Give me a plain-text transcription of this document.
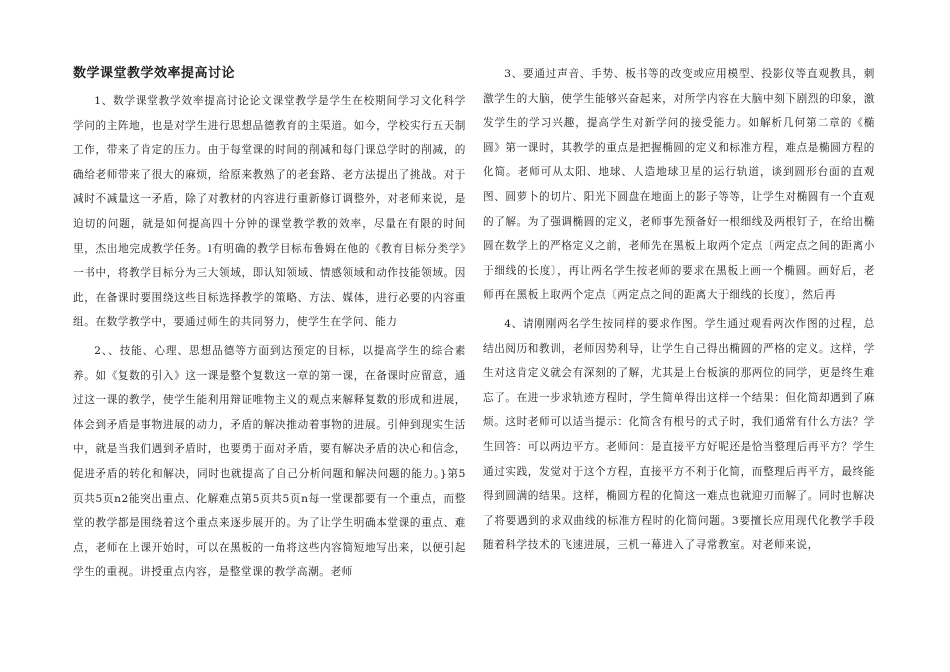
数学课堂教学效率提高讨论

1、数学课堂教学效率提高讨论论文课堂教学是学生在校期间学习文化科学学问的主阵地，也是对学生进行思想品德教育的主渠道。如今，学校实行五天制工作，带来了肯定的压力。由于每堂课的时间的削减和每门课总学时的削减，的确给老师带来了很大的麻烦，给原来教熟了的老套路、老方法提出了挑战。对于减时不减量这一矛盾，除了对教材的内容进行重新修订调整外，对老师来说，是迫切的问题，就是如何提高四十分钟的课堂教学教的效率，尽量在有限的时间里，杰出地完成教学任务。l有明确的教学目标布鲁姆在他的《教育目标分类学》一书中，将教学目标分为三大领域，即认知领域、情感领域和动作技能领域。因此，在备课时要围绕这些目标选择教学的策略、方法、媒体，进行必要的内容重组。在数学教学中，要通过师生的共同努力，使学生在学问、能力

2、、技能、心理、思想品德等方面到达预定的目标，以提高学生的综合素养。如《复数的引入》这一课是整个复数这一章的第一课，在备课时应留意，通过这一课的教学，使学生能利用辩证唯物主义的观点来解释复数的形成和进展，体会到矛盾是事物进展的动力，矛盾的解决推动着事物的进展。引伸到现实生活中，就是当我们遇到矛盾时，也要勇于面对矛盾，要有解决矛盾的决心和信念，促进矛盾的转化和解决，同时也就提高了自己分析问题和解决问题的能力。}第5页共5页n2能突出重点、化解难点第5页共5页n每一堂课都要有一个重点，而整堂的教学都是围绕着这个重点来逐步展开的。为了让学生明确本堂课的重点、难点，老师在上课开始时，可以在黑板的一角将这些内容简短地写出来，以便引起学生的重视。讲授重点内容，是整堂课的教学高潮。老师

3、要通过声音、手势、板书等的改变或应用模型、投影仪等直观教具，刺激学生的大脑，使学生能够兴奋起来，对所学内容在大脑中刻下剧烈的印象，激发学生的学习兴趣，提高学生对新学问的接受能力。如解析几何第二章的《椭圆》第一课时，其教学的重点是把握椭圆的定义和标准方程，难点是椭圆方程的化简。老师可从太阳、地球、人造地球卫星的运行轨道，谈到圆形台面的直观图、圆萝卜的切片、阳光下圆盘在地面上的影子等等，让学生对椭圆有一个直观的了解。为了强调椭圆的定义，老师事先预备好一根细线及两根钉子，在给出椭圆在数学上的严格定义之前，老师先在黑板上取两个定点〔两定点之间的距离小于细线的长度〕，再让两名学生按老师的要求在黑板上画一个椭圆。画好后，老师再在黑板上取两个定点〔两定点之间的距离大于细线的长度〕，然后再

4、请刚刚两名学生按同样的要求作图。学生通过观看两次作图的过程，总结出阅历和教训，老师因势利导，让学生自己得出椭圆的严格的定义。这样，学生对这肯定义就会有深刻的了解，尤其是上台板演的那两位的同学，更是终生难忘了。在进一步求轨迹方程时，学生简单得出这样一个结果：但化简却遇到了麻烦。这时老师可以适当提示：化简含有根号的式子时，我们通常有什么方法？学生回答：可以两边平方。老师问：是直接平方好呢还是恰当整理后再平方？学生通过实践，发觉对于这个方程，直接平方不利于化简，而整理后再平方，最终能得到圆满的结果。这样，椭圆方程的化简这一难点也就迎刃而解了。同时也解决了将要遇到的求双曲线的标准方程时的化简问题。3要擅长应用现代化教学手段随着科学技术的飞速进展，三机一幕进入了寻常教室。对老师来说，
